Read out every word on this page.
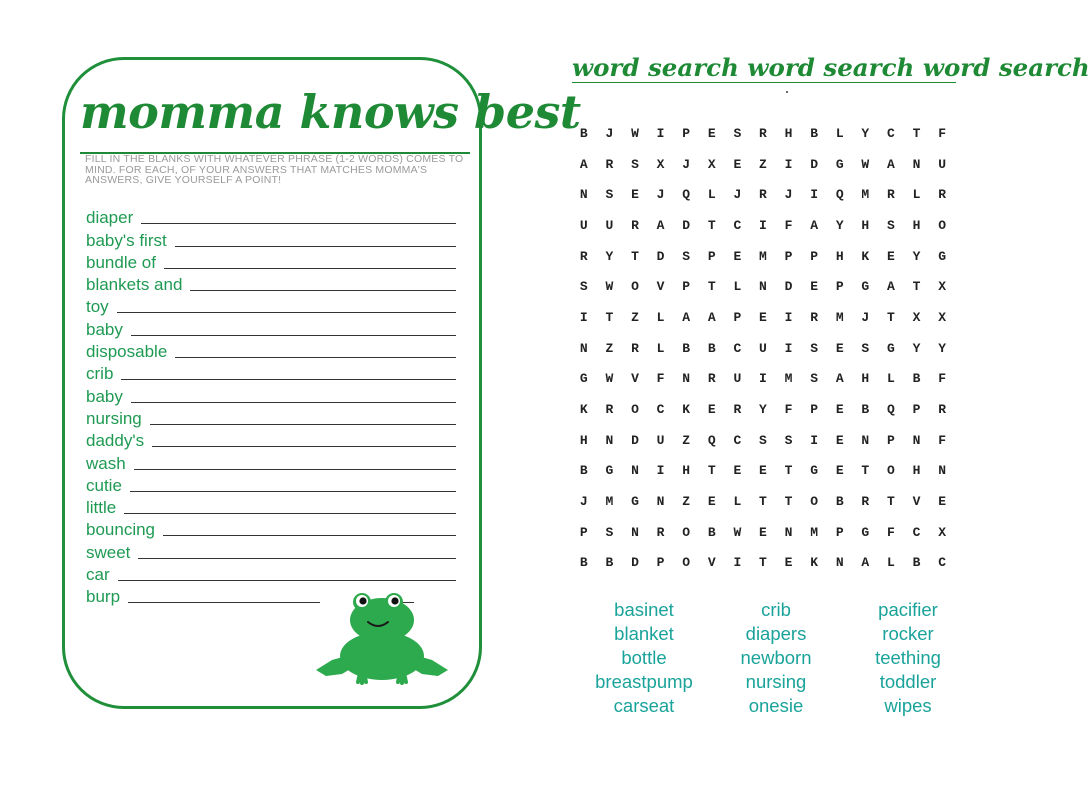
momma knows best
FILL IN THE BLANKS WITH WHATEVER PHRASE (1-2 WORDS) COMES TO MIND. FOR EACH, OF YOUR ANSWERS THAT MATCHES MOMMA'S ANSWERS, GIVE YOURSELF A POINT!
diaper
baby's first
bundle of
blankets and
toy
baby
disposable
crib
baby
nursing
daddy's
wash
cutie
little
bouncing
sweet
car
burp
word search word search word search
B	J	W	I	P	E	S	R	H	B	L	Y	C	T	F
A	R	S	X	J	X	E	Z	I	D	G	W	A	N	U
N	S	E	J	Q	L	J	R	J	I	Q	M	R	L	R
U	U	R	A	D	T	C	I	F	A	Y	H	S	H	O
R	Y	T	D	S	P	E	M	P	P	H	K	E	Y	G
S	W	O	V	P	T	L	N	D	E	P	G	A	T	X
I	T	Z	L	A	A	P	E	I	R	M	J	T	X	X
N	Z	R	L	B	B	C	U	I	S	E	S	G	Y	Y
G	W	V	F	N	R	U	I	M	S	A	H	L	B	F
K	R	O	C	K	E	R	Y	F	P	E	B	Q	P	R
H	N	D	U	Z	Q	C	S	S	I	E	N	P	N	F
B	G	N	I	H	T	E	E	T	G	E	T	O	H	N
J	M	G	N	Z	E	L	T	T	O	B	R	T	V	E
P	S	N	R	O	B	W	E	N	M	P	G	F	C	X
B	B	D	P	O	V	I	T	E	K	N	A	L	B	C
basinet	crib	pacifier
blanket	diapers	rocker
bottle	newborn	teething
breastpump	nursing	toddler
carseat	onesie	wipes
